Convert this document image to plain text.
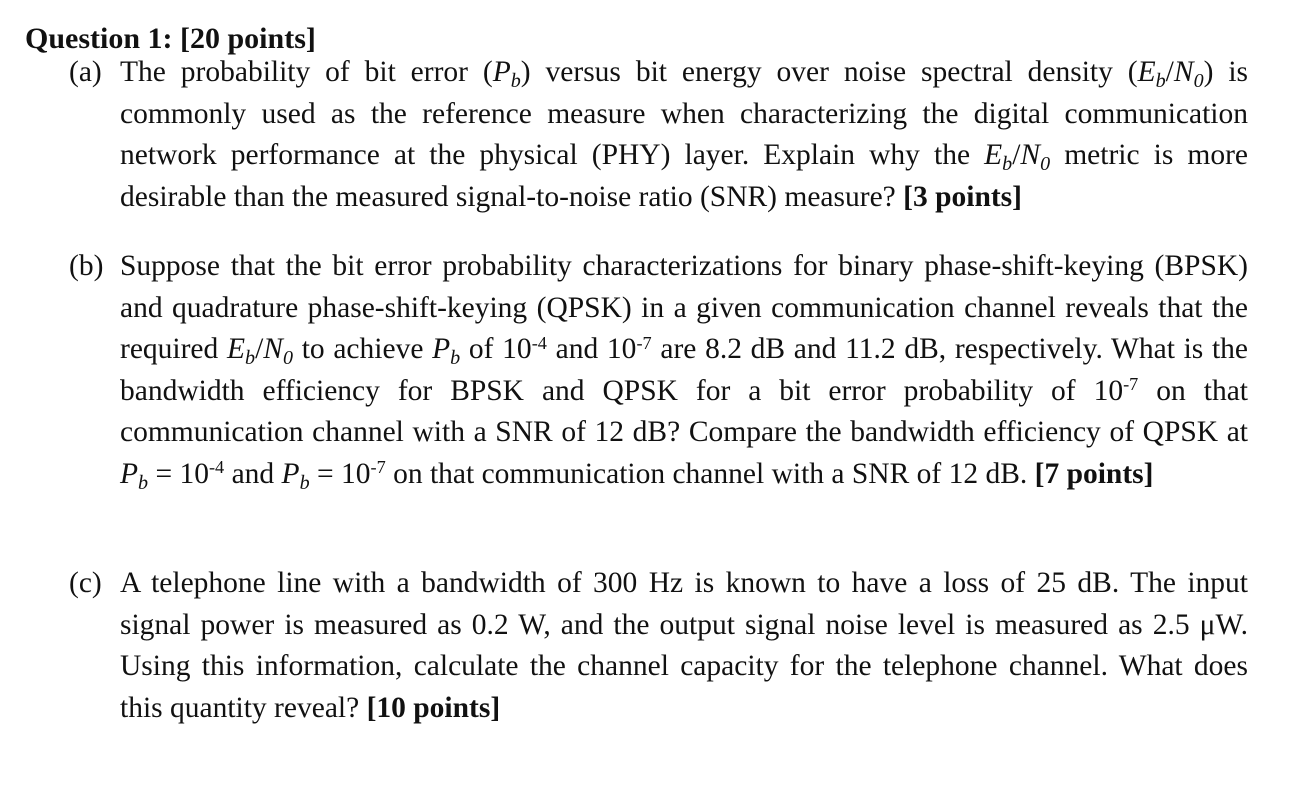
Question 1: [20 points]
(a) The probability of bit error $(P_b)$ versus bit energy over noise spectral density $(E_b/N_0)$ is commonly used as the reference measure when characterizing the digital communication network performance at the physical (PHY) layer. Explain why the $E_b/N_0$ metric is more desirable than the measured signal-to-noise ratio (SNR) measure? [3 points]
(b) Suppose that the bit error probability characterizations for binary phase-shift-keying (BPSK) and quadrature phase-shift-keying (QPSK) in a given communication channel reveals that the required $E_b/N_0$ to achieve $P_b$ of $10^{-4}$ and $10^{-7}$ are 8.2 dB and 11.2 dB, respectively. What is the bandwidth efficiency for BPSK and QPSK for a bit error probability of $10^{-7}$ on that communication channel with a SNR of 12 dB? Compare the bandwidth efficiency of QPSK at $P_b = 10^{-4}$ and $P_b = 10^{-7}$ on that communication channel with a SNR of 12 dB. [7 points]
(c) A telephone line with a bandwidth of 300 Hz is known to have a loss of 25 dB. The input signal power is measured as 0.2 W, and the output signal noise level is measured as 2.5 μW. Using this information, calculate the channel capacity for the telephone channel. What does this quantity reveal? [10 points]
